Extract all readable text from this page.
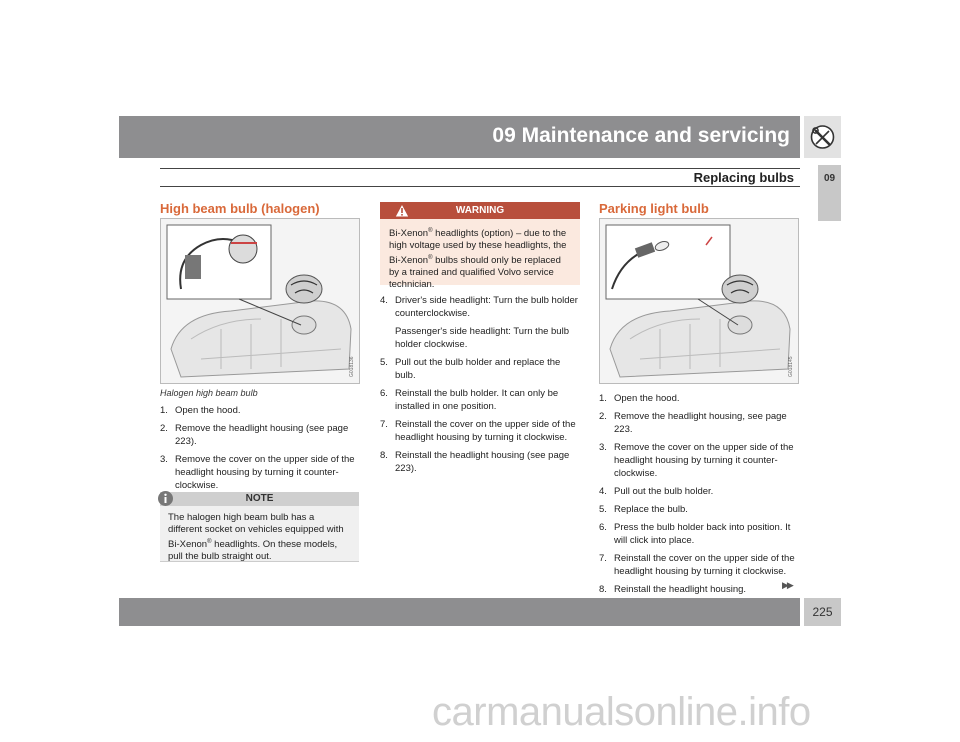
09 Maintenance and servicing
Replacing bulbs	09
High beam bulb (halogen)
G018136
Halogen high beam bulb
1. Open the hood.
2. Remove the headlight housing (see page 223).
3. Remove the cover on the upper side of the headlight housing by turning it counter-clockwise.
NOTE
The halogen high beam bulb has a different socket on vehicles equipped with Bi-Xenon® headlights. On these models, pull the bulb straight out.
WARNING
Bi-Xenon® headlights (option) – due to the high voltage used by these headlights, the Bi-Xenon® bulbs should only be replaced by a trained and qualified Volvo service technician.
4. Driver's side headlight: Turn the bulb holder counterclockwise.
Passenger's side headlight: Turn the bulb holder clockwise.
5. Pull out the bulb holder and replace the bulb.
6. Reinstall the bulb holder. It can only be installed in one position.
7. Reinstall the cover on the upper side of the headlight housing by turning it clockwise.
8. Reinstall the headlight housing (see page 223).
Parking light bulb
G018145
1. Open the hood.
2. Remove the headlight housing, see page 223.
3. Remove the cover on the upper side of the headlight housing by turning it counter-clockwise.
4. Pull out the bulb holder.
5. Replace the bulb.
6. Press the bulb holder back into position. It will click into place.
7. Reinstall the cover on the upper side of the headlight housing by turning it clockwise.
8. Reinstall the headlight housing.	▶▶
225
carmanualsonline.info
